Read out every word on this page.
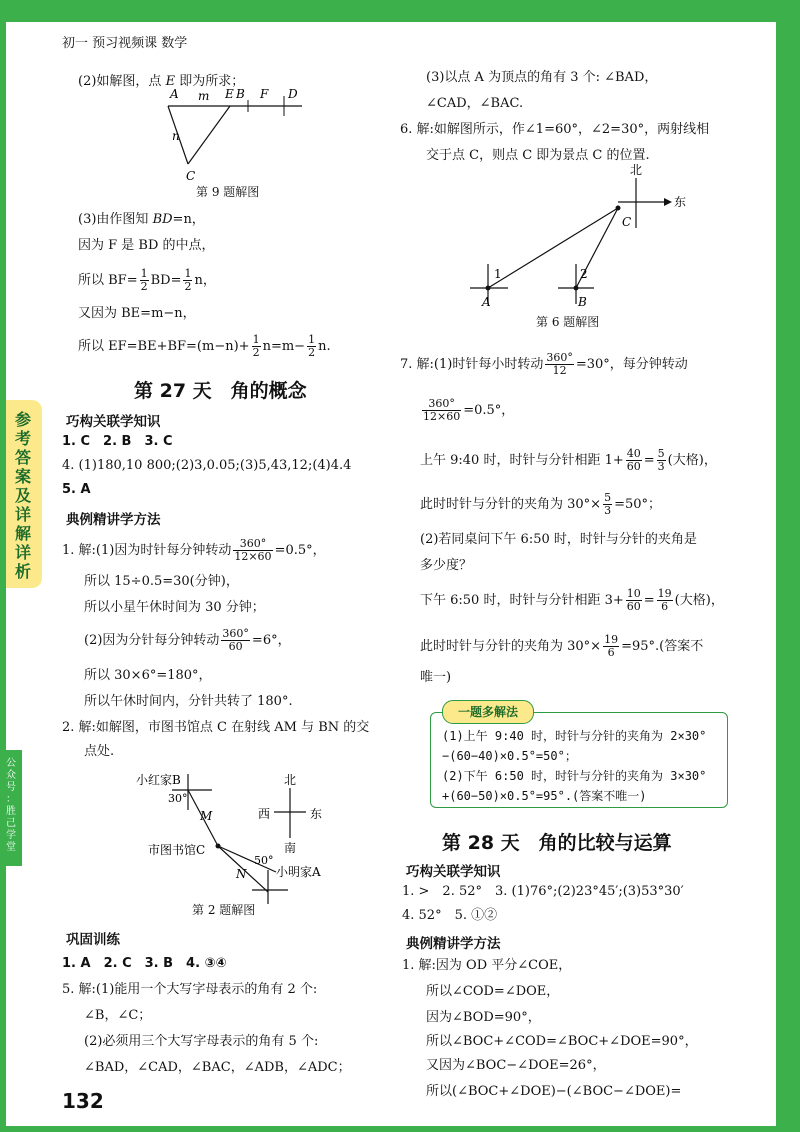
初一 预习视频课 数学
参
考
答
案
及
详
解
详
析
公
众
号
：
胜
己
学
堂
(2)如解图，点 E 即为所求；
A m E B F D
n
C
第 9 题解图
(3)由作图知 BD=n，
因为 F 是 BD 的中点，
所以 $BF= \frac{1}{2} BD= \frac{1}{2}$ n，
又因为 BE=m−n，
所以 $EF=BE+BF=(m-n)+ \frac{1}{2} n=m- \frac{1}{2} n$.
第 27 天　角的概念
巧构关联学知识
1. C　2. B　3. C
4. (1)180,10 800;(2)3,0.05;(3)5,43,12;(4)4.4
5. A
典例精讲学方法
1. 解:(1)因为时针每分钟转动 $\frac{360^\circ}{12\times 60} =0.5^\circ$，
所以 15÷0.5=30(分钟)，
所以小星午休时间为 30 分钟；
(2)因为分针每分钟转动 $\frac{360^\circ}{60} =6^\circ$，
所以 30×6°=180°，
所以午休时间内，分针共转了 180°.
2. 解:如解图，市图书馆点 C 在射线 AM 与 BN 的交
点处.
小红家B
30°
北
西	东
南
M
市图书馆C
50°
N 小明家A
第 2 题解图
巩固训练
1. A　2. C　3. B　4. ③④
5. 解:(1)能用一个大写字母表示的角有 2 个:
∠B，∠C；
(2)必须用三个大写字母表示的角有 5 个:
∠BAD，∠CAD，∠BAC，∠ADB，∠ADC；
132
(3)以点 A 为顶点的角有 3 个: ∠BAD，
∠CAD，∠BAC.
6. 解:如解图所示，作∠1=60°，∠2=30°，两射线相
交于点 C，则点 C 即为景点 C 的位置.
北
东
C
1	2
A	B
第 6 题解图
7. 解:(1)时针每小时转动 $\frac{360^\circ}{12} =30^\circ$，每分钟转动
$\frac{360^\circ}{12\times 60} =0.5^\circ$，
上午 9:40 时，时针与分针相距 $1+ \frac{40}{60} = \frac{5}{3}$ (大格)，
此时时针与分针的夹角为 $30^\circ\times \frac{5}{3} =50^\circ$；
(2)若同桌问下午 6:50 时，时针与分针的夹角是
多少度？
下午 6:50 时，时针与分针相距 $3+ \frac{10}{60} = \frac{19}{6}$ (大格)，
此时时针与分针的夹角为 $30^\circ\times \frac{19}{6} =95^\circ$.(答案不
唯一)
一题多解法
(1)上午 9:40 时，时针与分针的夹角为 2×30°
−(60−40)×0.5°=50°；
(2)下午 6:50 时，时针与分针的夹角为 3×30°
+(60−50)×0.5°=95°.(答案不唯一)
第 28 天　角的比较与运算
巧构关联学知识
1. >　2. 52°　3. (1)76°;(2)23°45′;(3)53°30′
4. 52°　5. ①②
典例精讲学方法
1. 解:因为 OD 平分∠COE，
所以∠COD=∠DOE，
因为∠BOD=90°，
所以∠BOC+∠COD=∠BOC+∠DOE=90°，
又因为∠BOC−∠DOE=26°，
所以(∠BOC+∠DOE)−(∠BOC−∠DOE)=
